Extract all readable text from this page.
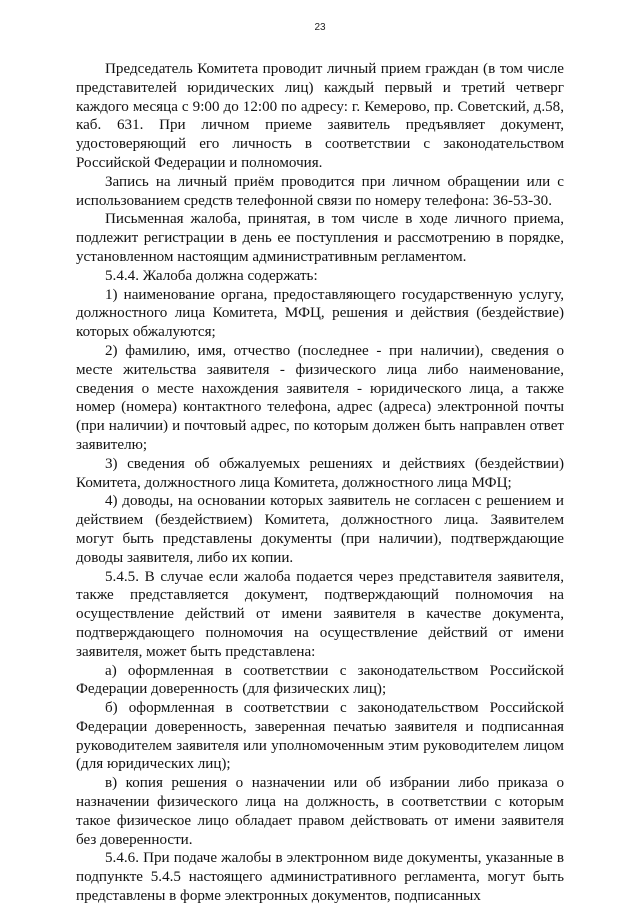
23

Председатель Комитета проводит личный прием граждан (в том числе представителей юридических лиц) каждый первый и третий четверг каждого месяца с 9:00 до 12:00 по адресу: г. Кемерово, пр. Советский, д.58, каб. 631. При личном приеме заявитель предъявляет документ, удостоверяющий его личность в соответствии с законодательством Российской Федерации и полномочия.

Запись на личный приём проводится при личном обращении или с использованием средств телефонной связи по номеру телефона: 36-53-30.

Письменная жалоба, принятая, в том числе в ходе личного приема, подлежит регистрации в день ее поступления и рассмотрению в порядке, установленном настоящим административным регламентом.

5.4.4. Жалоба должна содержать:

1) наименование органа, предоставляющего государственную услугу, должностного лица Комитета, МФЦ, решения и действия (бездействие) которых обжалуются;

2) фамилию, имя, отчество (последнее - при наличии), сведения о месте жительства заявителя - физического лица либо наименование, сведения о месте нахождения заявителя - юридического лица, а также номер (номера) контактного телефона, адрес (адреса) электронной почты (при наличии) и почтовый адрес, по которым должен быть направлен ответ заявителю;

3) сведения об обжалуемых решениях и действиях (бездействии) Комитета, должностного лица Комитета, должностного лица МФЦ;

4) доводы, на основании которых заявитель не согласен с решением и действием (бездействием) Комитета, должностного лица. Заявителем могут быть представлены документы (при наличии), подтверждающие доводы заявителя, либо их копии.

5.4.5. В случае если жалоба подается через представителя заявителя, также представляется документ, подтверждающий полномочия на осуществление действий от имени заявителя в качестве документа, подтверждающего полномочия на осуществление действий от имени заявителя, может быть представлена:

а) оформленная в соответствии с законодательством Российской Федерации доверенность (для физических лиц);

б) оформленная в соответствии с законодательством Российской Федерации доверенность, заверенная печатью заявителя и подписанная руководителем заявителя или уполномоченным этим руководителем лицом (для юридических лиц);

в) копия решения о назначении или об избрании либо приказа о назначении физического лица на должность, в соответствии с которым такое физическое лицо обладает правом действовать от имени заявителя без доверенности.

5.4.6. При подаче жалобы в электронном виде документы, указанные в подпункте 5.4.5 настоящего административного регламента, могут быть представлены в форме электронных документов, подписанных
